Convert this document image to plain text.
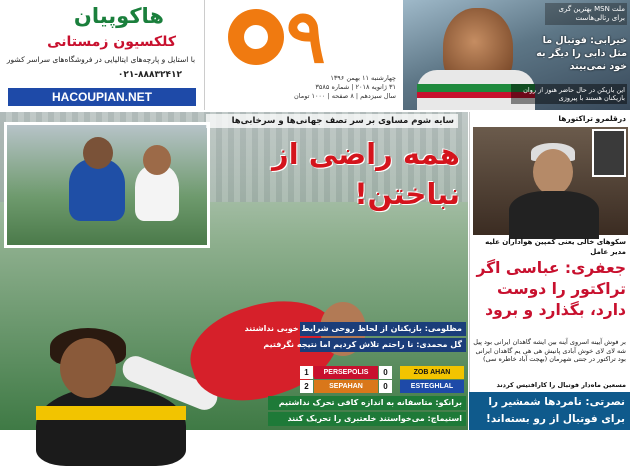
هاکوپیان
کلکسیون زمستانی
با استایل و پارچه‌های ایتالیایی در فروشگاه‌های سراسر کشور
۰۲۱-۸۸۸۳۲۴۱۲
HACOUPIAN.NET
۹ چهارشنبه ۱۱ بهمن ۱۳۹۶
۳۱ ژانویه ۲۰۱۸ | شماره ۳۵۸۵
سال سیزدهم | ۸ صفحه | ۱۰۰۰ تومان
ملت MSN بهترین گری برای رتالی‌هاست
خیرابی: فوتبال ما مثل دابی را دیگر به خود نمی‌بیند
این بازیکن در حال حاضر هنوز از روان بازیکنان هستند با پیروزی
سایه شوم مساوی بر سر تصف جهانی‌ها و سرخابی‌ها
همه راضی از نباختن!
مظلومی: بازیکنان از لحاظ روحی شرایط خوبی نداشتند
گل محمدی: نا راحتم تلاش کردیم اما نتیجه نگرفتیم
1	PERSEPOLIS	0	ZOB AHAN
2	SEPAHAN	0	ESTEGHLAL
برانکو: متاسفانه به اندازه کافی تحرک نداشتیم
استیماچ: می‌خواستند خلعتبری را تحریک کنند
درقلمرو تراکتورها
سکوهای خالی یعنی کمپین هواداران علیه مدیر عامل
جعفری: عباسی اگر تراکتور را دوست دارد، بگذارد و برود
بر فوش آیینه اسروی آینه بین ایشه گاهدان ایرانی بود پیل شه لای لای خوش آبادی پانیش هی هی یم گاهدان ایرانی بود تراکتور در جنتی شهرمان (بهجت آباد خاطره سی)
مسعین ماه‌دار فوتبال را کارافتیس کردند
نصرتی: نامردها شمشیر را برای فوتبال از رو بسته‌اند!
